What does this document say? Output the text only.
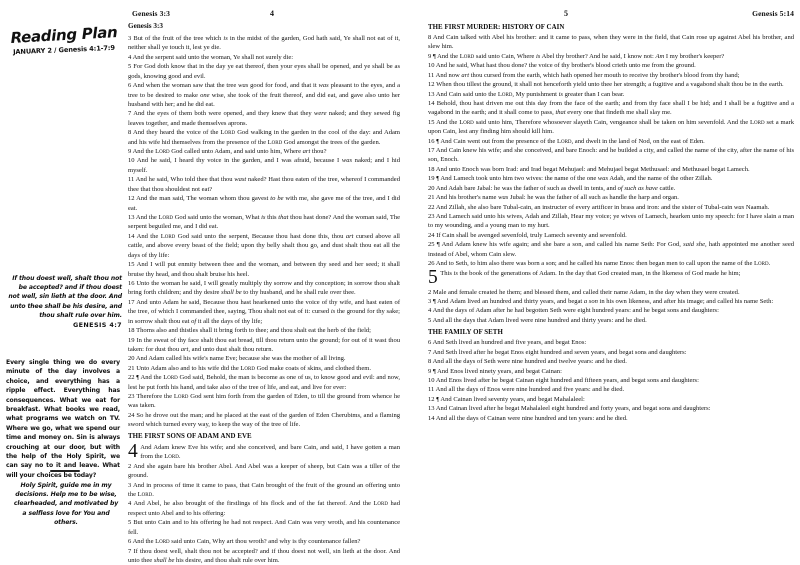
Genesis 3:3	4
Reading Plan
JANUARY 2 / Genesis 4:1-7:9
If thou doest well, shalt thou not be accepted? and if thou doest not well, sin lieth at the door. And unto thee shall be his desire, and thou shalt rule over him.
GENESIS 4:7
Every single thing we do every minute of the day involves a choice, and everything has a ripple effect. Everything has consequences. What we eat for breakfast. What books we read, what programs we watch on TV. Where we go, what we spend our time and money on. Sin is always crouching at our door, but with the help of the Holy Spirit, we can say no to it and leave. What will your choices be today?
Holy Spirit, guide me in my decisions. Help me to be wise, clearheaded, and motivated by a selfless love for You and others.
Genesis 3:3
3 But of the fruit of the tree which is in the midst of the garden, God hath said, Ye shall not eat of it, neither shall ye touch it, lest ye die.
4 And the serpent said unto the woman, Ye shall not surely die:
5 For God doth know that in the day ye eat thereof, then your eyes shall be opened, and ye shall be as gods, knowing good and evil.
6 And when the woman saw that the tree was good for food, and that it was pleasant to the eyes, and a tree to be desired to make one wise, she took of the fruit thereof, and did eat, and gave also unto her husband with her; and he did eat.
7 And the eyes of them both were opened, and they knew that they were naked; and they sewed fig leaves together, and made themselves aprons.
8 And they heard the voice of the Lord God walking in the garden in the cool of the day: and Adam and his wife hid themselves from the presence of the Lord God amongst the trees of the garden.
9 And the Lord God called unto Adam, and said unto him, Where art thou?
10 And he said, I heard thy voice in the garden, and I was afraid, because I was naked; and I hid myself.
11 And he said, Who told thee that thou wast naked? Hast thou eaten of the tree, whereof I commanded thee that thou shouldest not eat?
12 And the man said, The woman whom thou gavest to be with me, she gave me of the tree, and I did eat.
13 And the Lord God said unto the woman, What is this that thou hast done? And the woman said, The serpent beguiled me, and I did eat.
14 And the Lord God said unto the serpent, Because thou hast done this, thou art cursed above all cattle, and above every beast of the field; upon thy belly shalt thou go, and dust shalt thou eat all the days of thy life:
15 And I will put enmity between thee and the woman, and between thy seed and her seed; it shall bruise thy head, and thou shalt bruise his heel.
16 Unto the woman he said, I will greatly multiply thy sorrow and thy conception; in sorrow thou shalt bring forth children; and thy desire shall be to thy husband, and he shall rule over thee.
17 And unto Adam he said, Because thou hast hearkened unto the voice of thy wife, and hast eaten of the tree, of which I commanded thee, saying, Thou shalt not eat of it: cursed is the ground for thy sake; in sorrow shalt thou eat of it all the days of thy life;
18 Thorns also and thistles shall it bring forth to thee; and thou shalt eat the herb of the field;
19 In the sweat of thy face shalt thou eat bread, till thou return unto the ground; for out of it wast thou taken: for dust thou art, and unto dust shalt thou return.
20 And Adam called his wife's name Eve; because she was the mother of all living.
21 Unto Adam also and to his wife did the Lord God make coats of skins, and clothed them.
22 ¶ And the Lord God said, Behold, the man is become as one of us, to know good and evil: and now, lest he put forth his hand, and take also of the tree of life, and eat, and live for ever:
23 Therefore the Lord God sent him forth from the garden of Eden, to till the ground from whence he was taken.
24 So he drove out the man; and he placed at the east of the garden of Eden Cherubims, and a flaming sword which turned every way, to keep the way of the tree of life.
THE FIRST SONS OF ADAM AND EVE
4 And Adam knew Eve his wife; and she conceived, and bare Cain, and said, I have gotten a man from the Lord.
2 And she again bare his brother Abel. And Abel was a keeper of sheep, but Cain was a tiller of the ground.
3 And in process of time it came to pass, that Cain brought of the fruit of the ground an offering unto the Lord.
4 And Abel, he also brought of the firstlings of his flock and of the fat thereof. And the Lord had respect unto Abel and to his offering:
5 But unto Cain and to his offering he had not respect. And Cain was very wroth, and his countenance fell.
6 And the Lord said unto Cain, Why art thou wroth? and why is thy countenance fallen?
7 If thou doest well, shalt thou not be accepted? and if thou doest not well, sin lieth at the door. And unto thee shall be his desire, and thou shalt rule over him.
5	Genesis 5:14
THE FIRST MURDER: HISTORY OF CAIN
8 And Cain talked with Abel his brother: and it came to pass, when they were in the field, that Cain rose up against Abel his brother, and slew him.
9 ¶ And the Lord said unto Cain, Where is Abel thy brother? And he said, I know not: Am I my brother's keeper?
10 And he said, What hast thou done? the voice of thy brother's blood crieth unto me from the ground.
11 And now art thou cursed from the earth, which hath opened her mouth to receive thy brother's blood from thy hand;
12 When thou tillest the ground, it shall not henceforth yield unto thee her strength; a fugitive and a vagabond shalt thou be in the earth.
13 And Cain said unto the Lord, My punishment is greater than I can bear.
14 Behold, thou hast driven me out this day from the face of the earth; and from thy face shall I be hid; and I shall be a fugitive and a vagabond in the earth; and it shall come to pass, that every one that findeth me shall slay me.
15 And the Lord said unto him, Therefore whosoever slayeth Cain, vengeance shall be taken on him sevenfold. And the Lord set a mark upon Cain, lest any finding him should kill him.
16 ¶ And Cain went out from the presence of the Lord, and dwelt in the land of Nod, on the east of Eden.
17 And Cain knew his wife; and she conceived, and bare Enoch: and he builded a city, and called the name of the city, after the name of his son, Enoch.
18 And unto Enoch was born Irad: and Irad begat Mehujael: and Mehujael begat Methusael: and Methusael begat Lamech.
19 ¶ And Lamech took unto him two wives: the name of the one was Adah, and the name of the other Zillah.
20 And Adah bare Jabal: he was the father of such as dwell in tents, and of such as have cattle.
21 And his brother's name was Jubal: he was the father of all such as handle the harp and organ.
22 And Zillah, she also bare Tubal-cain, an instructer of every artificer in brass and iron: and the sister of Tubal-cain was Naamah.
23 And Lamech said unto his wives, Adah and Zillah, Hear my voice; ye wives of Lamech, hearken unto my speech: for I have slain a man to my wounding, and a young man to my hurt.
24 If Cain shall be avenged sevenfold, truly Lamech seventy and sevenfold.
25 ¶ And Adam knew his wife again; and she bare a son, and called his name Seth: For God, said she, hath appointed me another seed instead of Abel, whom Cain slew.
26 And to Seth, to him also there was born a son; and he called his name Enos: then began men to call upon the name of the Lord.
5 This is the book of the generations of Adam. In the day that God created man, in the likeness of God made he him;
2 Male and female created he them; and blessed them, and called their name Adam, in the day when they were created.
3 ¶ And Adam lived an hundred and thirty years, and begat a son in his own likeness, and after his image; and called his name Seth:
4 And the days of Adam after he had begotten Seth were eight hundred years: and he begat sons and daughters:
5 And all the days that Adam lived were nine hundred and thirty years: and he died.
THE FAMILY OF SETH
6 And Seth lived an hundred and five years, and begat Enos:
7 And Seth lived after he begat Enos eight hundred and seven years, and begat sons and daughters:
8 And all the days of Seth were nine hundred and twelve years: and he died.
9 ¶ And Enos lived ninety years, and begat Cainan:
10 And Enos lived after he begat Cainan eight hundred and fifteen years, and begat sons and daughters:
11 And all the days of Enos were nine hundred and five years: and he died.
12 ¶ And Cainan lived seventy years, and begat Mahalaleel:
13 And Cainan lived after he begat Mahalaleel eight hundred and forty years, and begat sons and daughters:
14 And all the days of Cainan were nine hundred and ten years: and he died.
